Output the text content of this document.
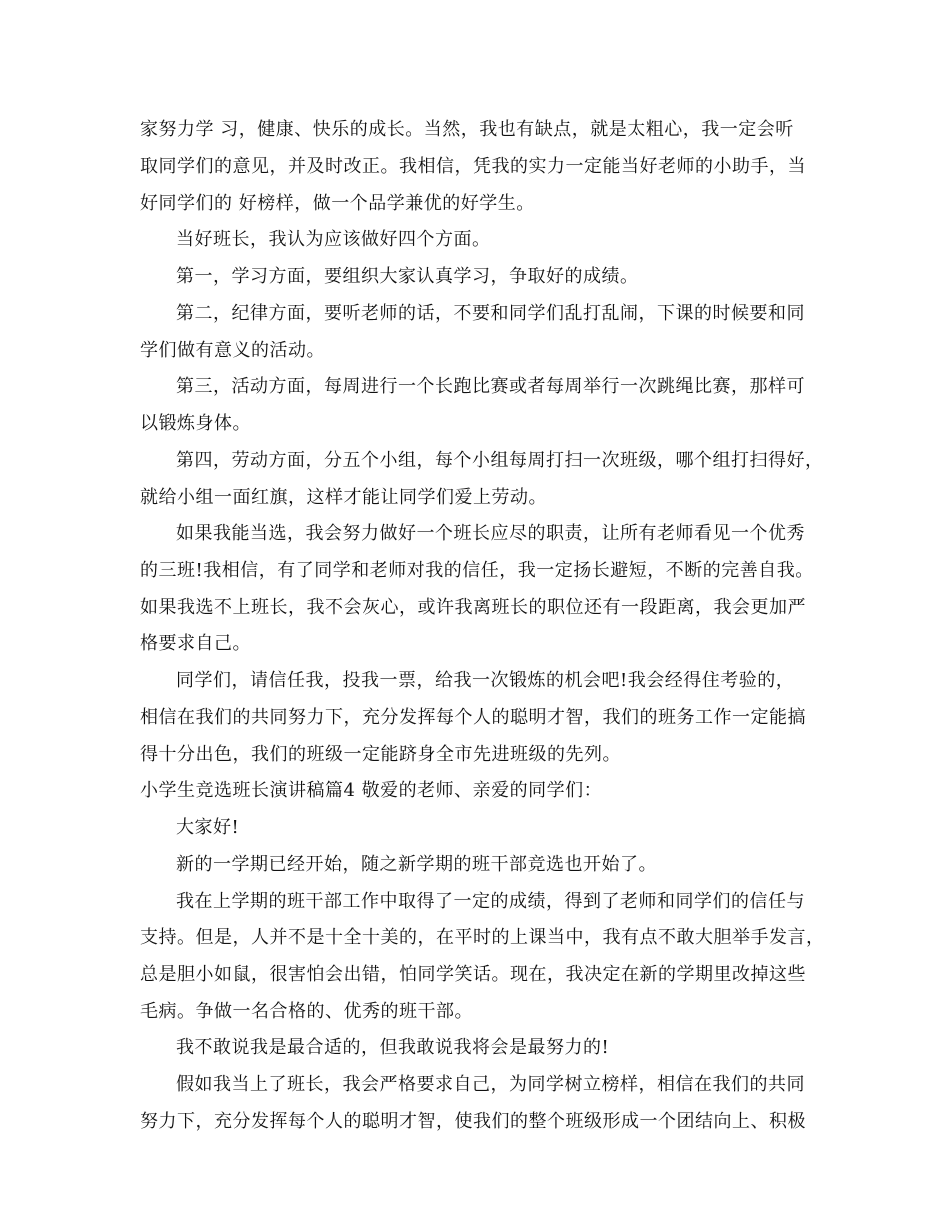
家努力学 习，健康、快乐的成长。当然，我也有缺点，就是太粗心，我一定会听
取同学们的意见，并及时改正。我相信，凭我的实力一定能当好老师的小助手，当
好同学们的 好榜样，做一个品学兼优的好学生。
当好班长，我认为应该做好四个方面。
第一，学习方面，要组织大家认真学习，争取好的成绩。
第二，纪律方面，要听老师的话，不要和同学们乱打乱闹，下课的时候要和同
学们做有意义的活动。
第三，活动方面，每周进行一个长跑比赛或者每周举行一次跳绳比赛，那样可
以锻炼身体。
第四，劳动方面，分五个小组，每个小组每周打扫一次班级，哪个组打扫得好，
就给小组一面红旗，这样才能让同学们爱上劳动。
如果我能当选，我会努力做好一个班长应尽的职责，让所有老师看见一个优秀
的三班!我相信，有了同学和老师对我的信任，我一定扬长避短，不断的完善自我。
如果我选不上班长，我不会灰心，或许我离班长的职位还有一段距离，我会更加严
格要求自己。
同学们，请信任我，投我一票，给我一次锻炼的机会吧!我会经得住考验的，
相信在我们的共同努力下，充分发挥每个人的聪明才智，我们的班务工作一定能搞
得十分出色，我们的班级一定能跻身全市先进班级的先列。
小学生竞选班长演讲稿篇4 敬爱的老师、亲爱的同学们：
大家好!
新的一学期已经开始，随之新学期的班干部竞选也开始了。
我在上学期的班干部工作中取得了一定的成绩，得到了老师和同学们的信任与
支持。但是，人并不是十全十美的，在平时的上课当中，我有点不敢大胆举手发言，
总是胆小如鼠，很害怕会出错，怕同学笑话。现在，我决定在新的学期里改掉这些
毛病。争做一名合格的、优秀的班干部。
我不敢说我是最合适的，但我敢说我将会是最努力的!
假如我当上了班长，我会严格要求自己，为同学树立榜样，相信在我们的共同
努力下，充分发挥每个人的聪明才智，使我们的整个班级形成一个团结向上、积极
